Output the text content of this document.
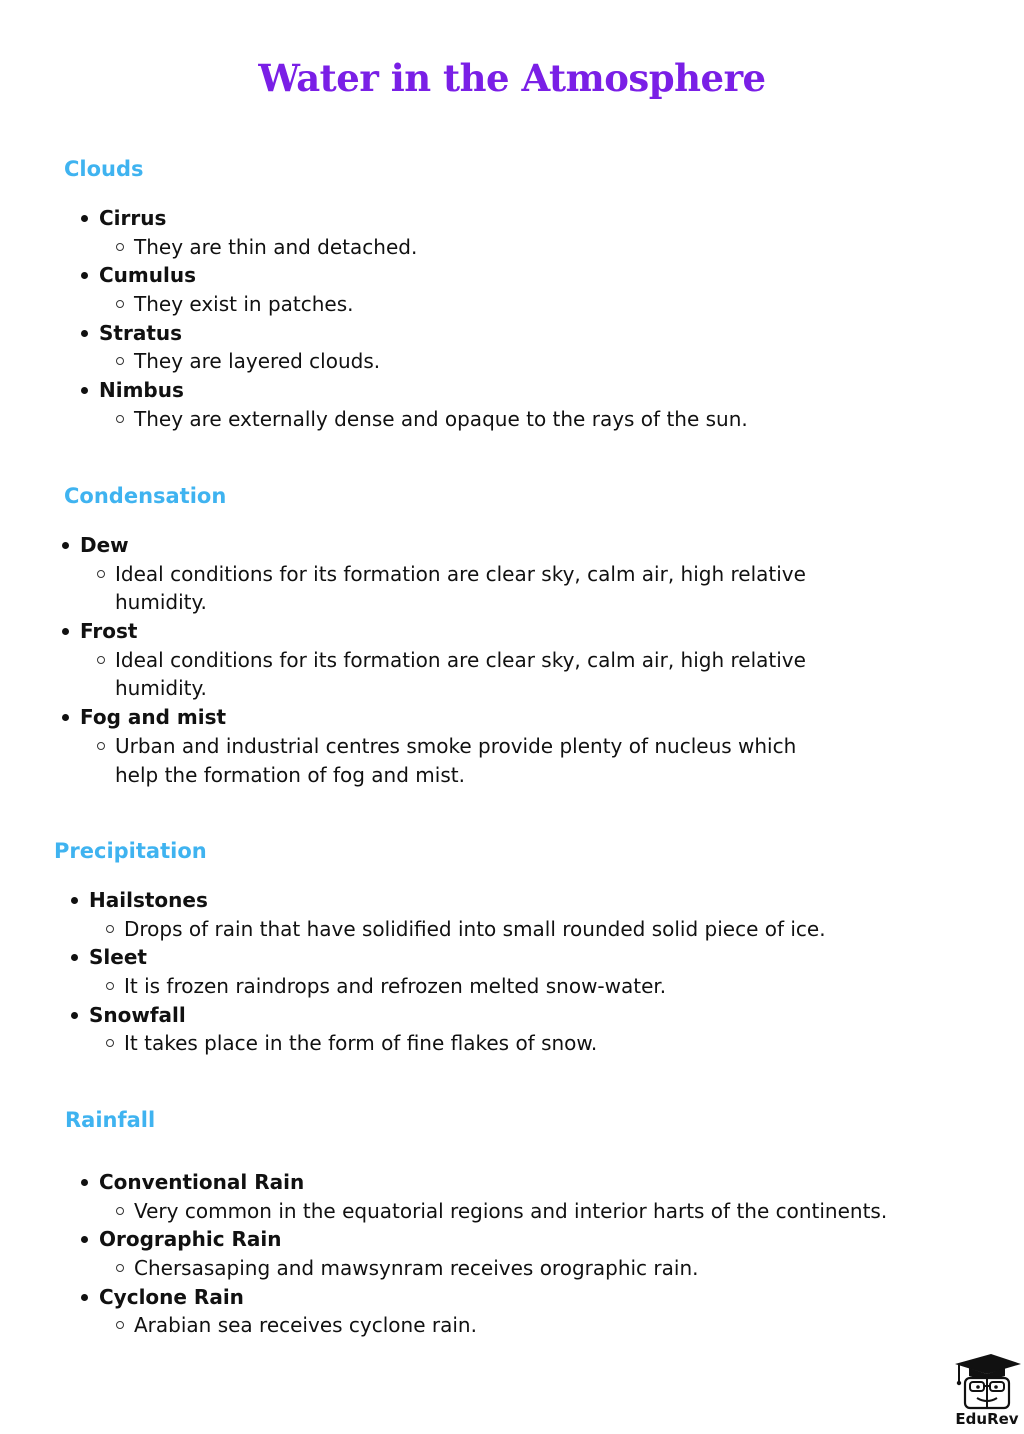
Water in the Atmosphere
Clouds
Cirrus
They are thin and detached.
Cumulus
They exist in patches.
Stratus
They are layered clouds.
Nimbus
They are externally dense and opaque to the rays of the sun.
Condensation
Dew
Ideal conditions for its formation are clear sky, calm air, high relative
humidity.
Frost
Ideal conditions for its formation are clear sky, calm air, high relative
humidity.
Fog and mist
Urban and industrial centres smoke provide plenty of nucleus which
help the formation of fog and mist.
Precipitation
Hailstones
Drops of rain that have solidified into small rounded solid piece of ice.
Sleet
It is frozen raindrops and refrozen melted snow-water.
Snowfall
It takes place in the form of fine flakes of snow.
Rainfall
Conventional Rain
Very common in the equatorial regions and interior harts of the continents.
Orographic Rain
Chersasaping and mawsynram receives orographic rain.
Cyclone Rain
Arabian sea receives cyclone rain.
EduRev
